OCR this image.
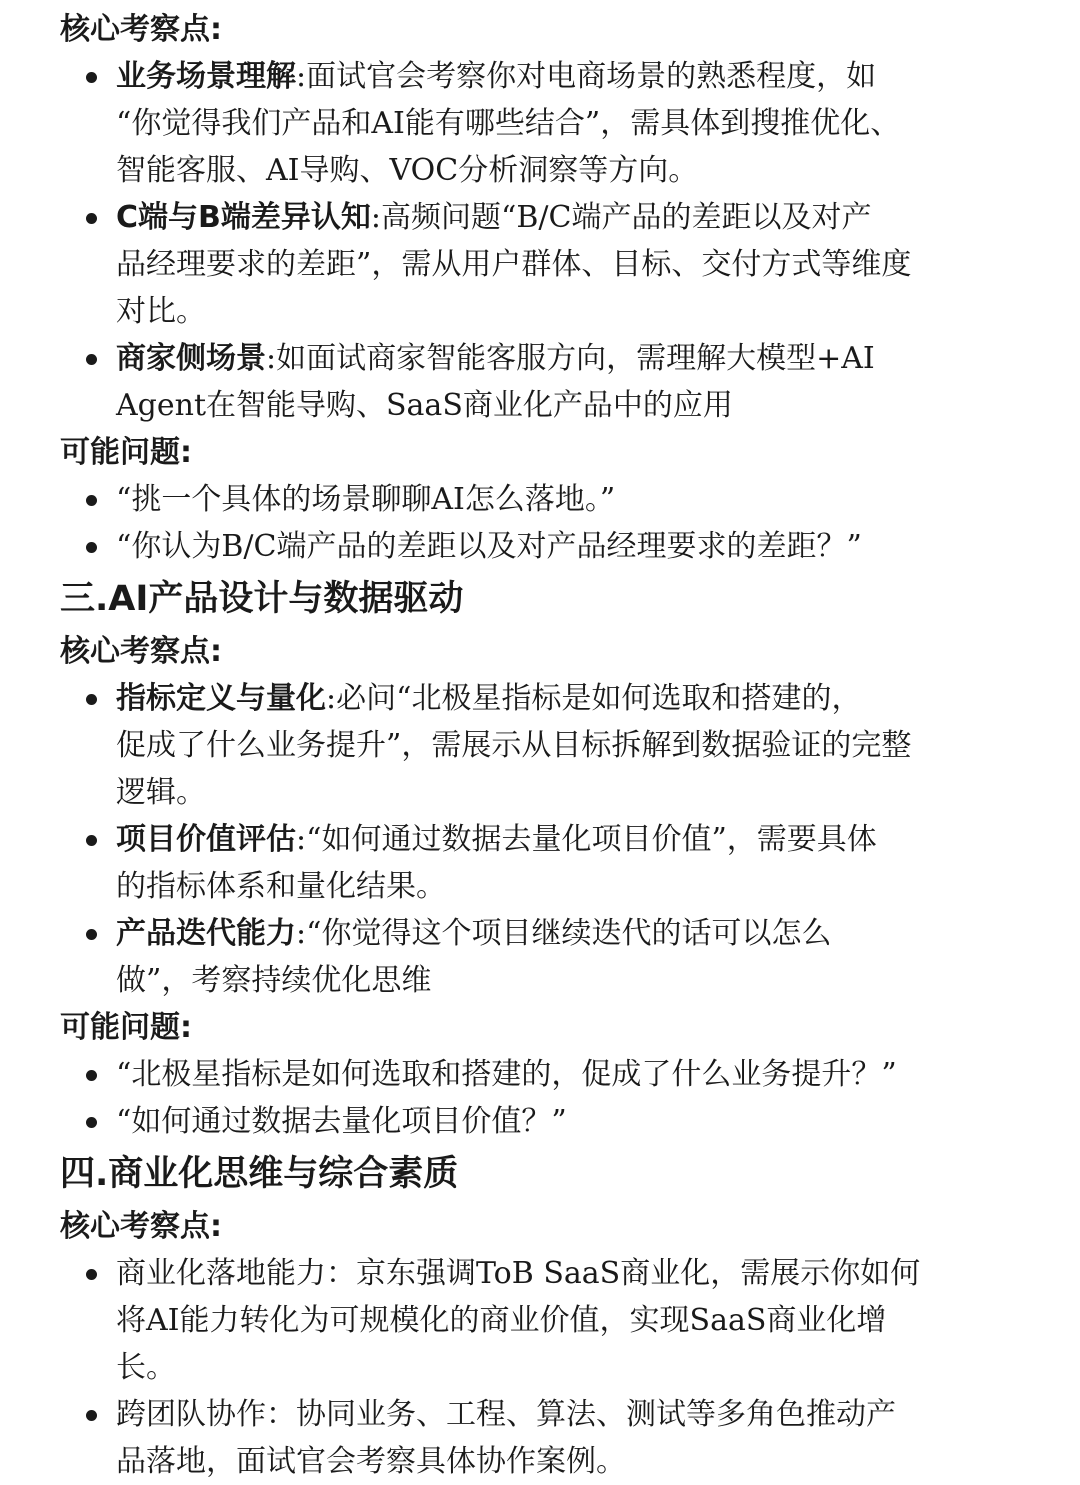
核心考察点:
业务场景理解:面试官会考察你对电商场景的熟悉程度，如
“你觉得我们产品和AI能有哪些结合”，需具体到搜推优化、
智能客服、AI导购、VOC分析洞察等方向。
C端与B端差异认知:高频问题“B/C端产品的差距以及对产
品经理要求的差距”，需从用户群体、目标、交付方式等维度
对比。
商家侧场景:如面试商家智能客服方向，需理解大模型+AI
Agent在智能导购、SaaS商业化产品中的应用
可能问题:
“挑一个具体的场景聊聊AI怎么落地。”
“你认为B/C端产品的差距以及对产品经理要求的差距？”
三.AI产品设计与数据驱动
核心考察点:
指标定义与量化:必问“北极星指标是如何选取和搭建的，
促成了什么业务提升”，需展示从目标拆解到数据验证的完整
逻辑。
项目价值评估:“如何通过数据去量化项目价值”，需要具体
的指标体系和量化结果。
产品迭代能力:“你觉得这个项目继续迭代的话可以怎么
做”，考察持续优化思维
可能问题:
“北极星指标是如何选取和搭建的，促成了什么业务提升？”
“如何通过数据去量化项目价值？”
四.商业化思维与综合素质
核心考察点:
商业化落地能力：京东强调ToB SaaS商业化，需展示你如何
将AI能力转化为可规模化的商业价值，实现SaaS商业化增
长。
跨团队协作：协同业务、工程、算法、测试等多角色推动产
品落地，面试官会考察具体协作案例。
